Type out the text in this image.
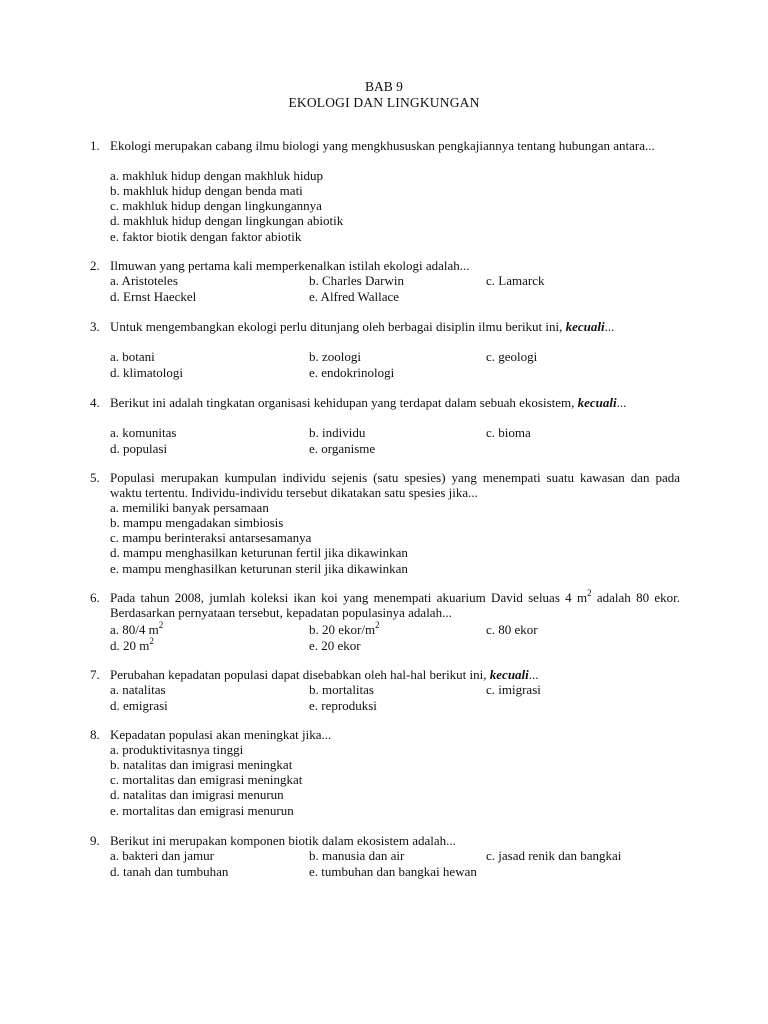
BAB 9
EKOLOGI DAN LINGKUNGAN
1. Ekologi merupakan cabang ilmu biologi yang mengkhususkan pengkajiannya tentang hubungan antara...
a. makhluk hidup dengan makhluk hidup
b. makhluk hidup dengan benda mati
c. makhluk hidup dengan lingkungannya
d. makhluk hidup dengan lingkungan abiotik
e. faktor biotik dengan faktor abiotik
2. Ilmuwan yang pertama kali memperkenalkan istilah ekologi adalah...
a. Aristoteles	b. Charles Darwin	c. Lamarck
d. Ernst Haeckel	e. Alfred Wallace
3. Untuk mengembangkan ekologi perlu ditunjang oleh berbagai disiplin ilmu berikut ini, kecuali...
a. botani	b. zoologi	c. geologi
d. klimatologi	e. endokrinologi
4. Berikut ini adalah tingkatan organisasi kehidupan yang terdapat dalam sebuah ekosistem, kecuali...
a. komunitas	b. individu	c. bioma
d. populasi	e. organisme
5. Populasi merupakan kumpulan individu sejenis (satu spesies) yang menempati suatu kawasan dan pada waktu tertentu. Individu-individu tersebut dikatakan satu spesies jika...
a. memiliki banyak persamaan
b. mampu mengadakan simbiosis
c. mampu berinteraksi antarsesamanya
d. mampu menghasilkan keturunan fertil jika dikawinkan
e. mampu menghasilkan keturunan steril jika dikawinkan
6. Pada tahun 2008, jumlah koleksi ikan koi yang menempati akuarium David seluas 4 $m^2$ adalah 80 ekor. Berdasarkan pernyataan tersebut, kepadatan populasinya adalah...
a. 80/4 $m^2$	b. 20 ekor/$m^2$	c. 80 ekor
d. 20 $m^2$	e. 20 ekor
7. Perubahan kepadatan populasi dapat disebabkan oleh hal-hal berikut ini, kecuali...
a. natalitas	b. mortalitas	c. imigrasi
d. emigrasi	e. reproduksi
8. Kepadatan populasi akan meningkat jika...
a. produktivitasnya tinggi
b. natalitas dan imigrasi meningkat
c. mortalitas dan emigrasi meningkat
d. natalitas dan imigrasi menurun
e. mortalitas dan emigrasi menurun
9. Berikut ini merupakan komponen biotik dalam ekosistem adalah...
a. bakteri dan jamur	b. manusia dan air	c. jasad renik dan bangkai
d. tanah dan tumbuhan	e. tumbuhan dan bangkai hewan
